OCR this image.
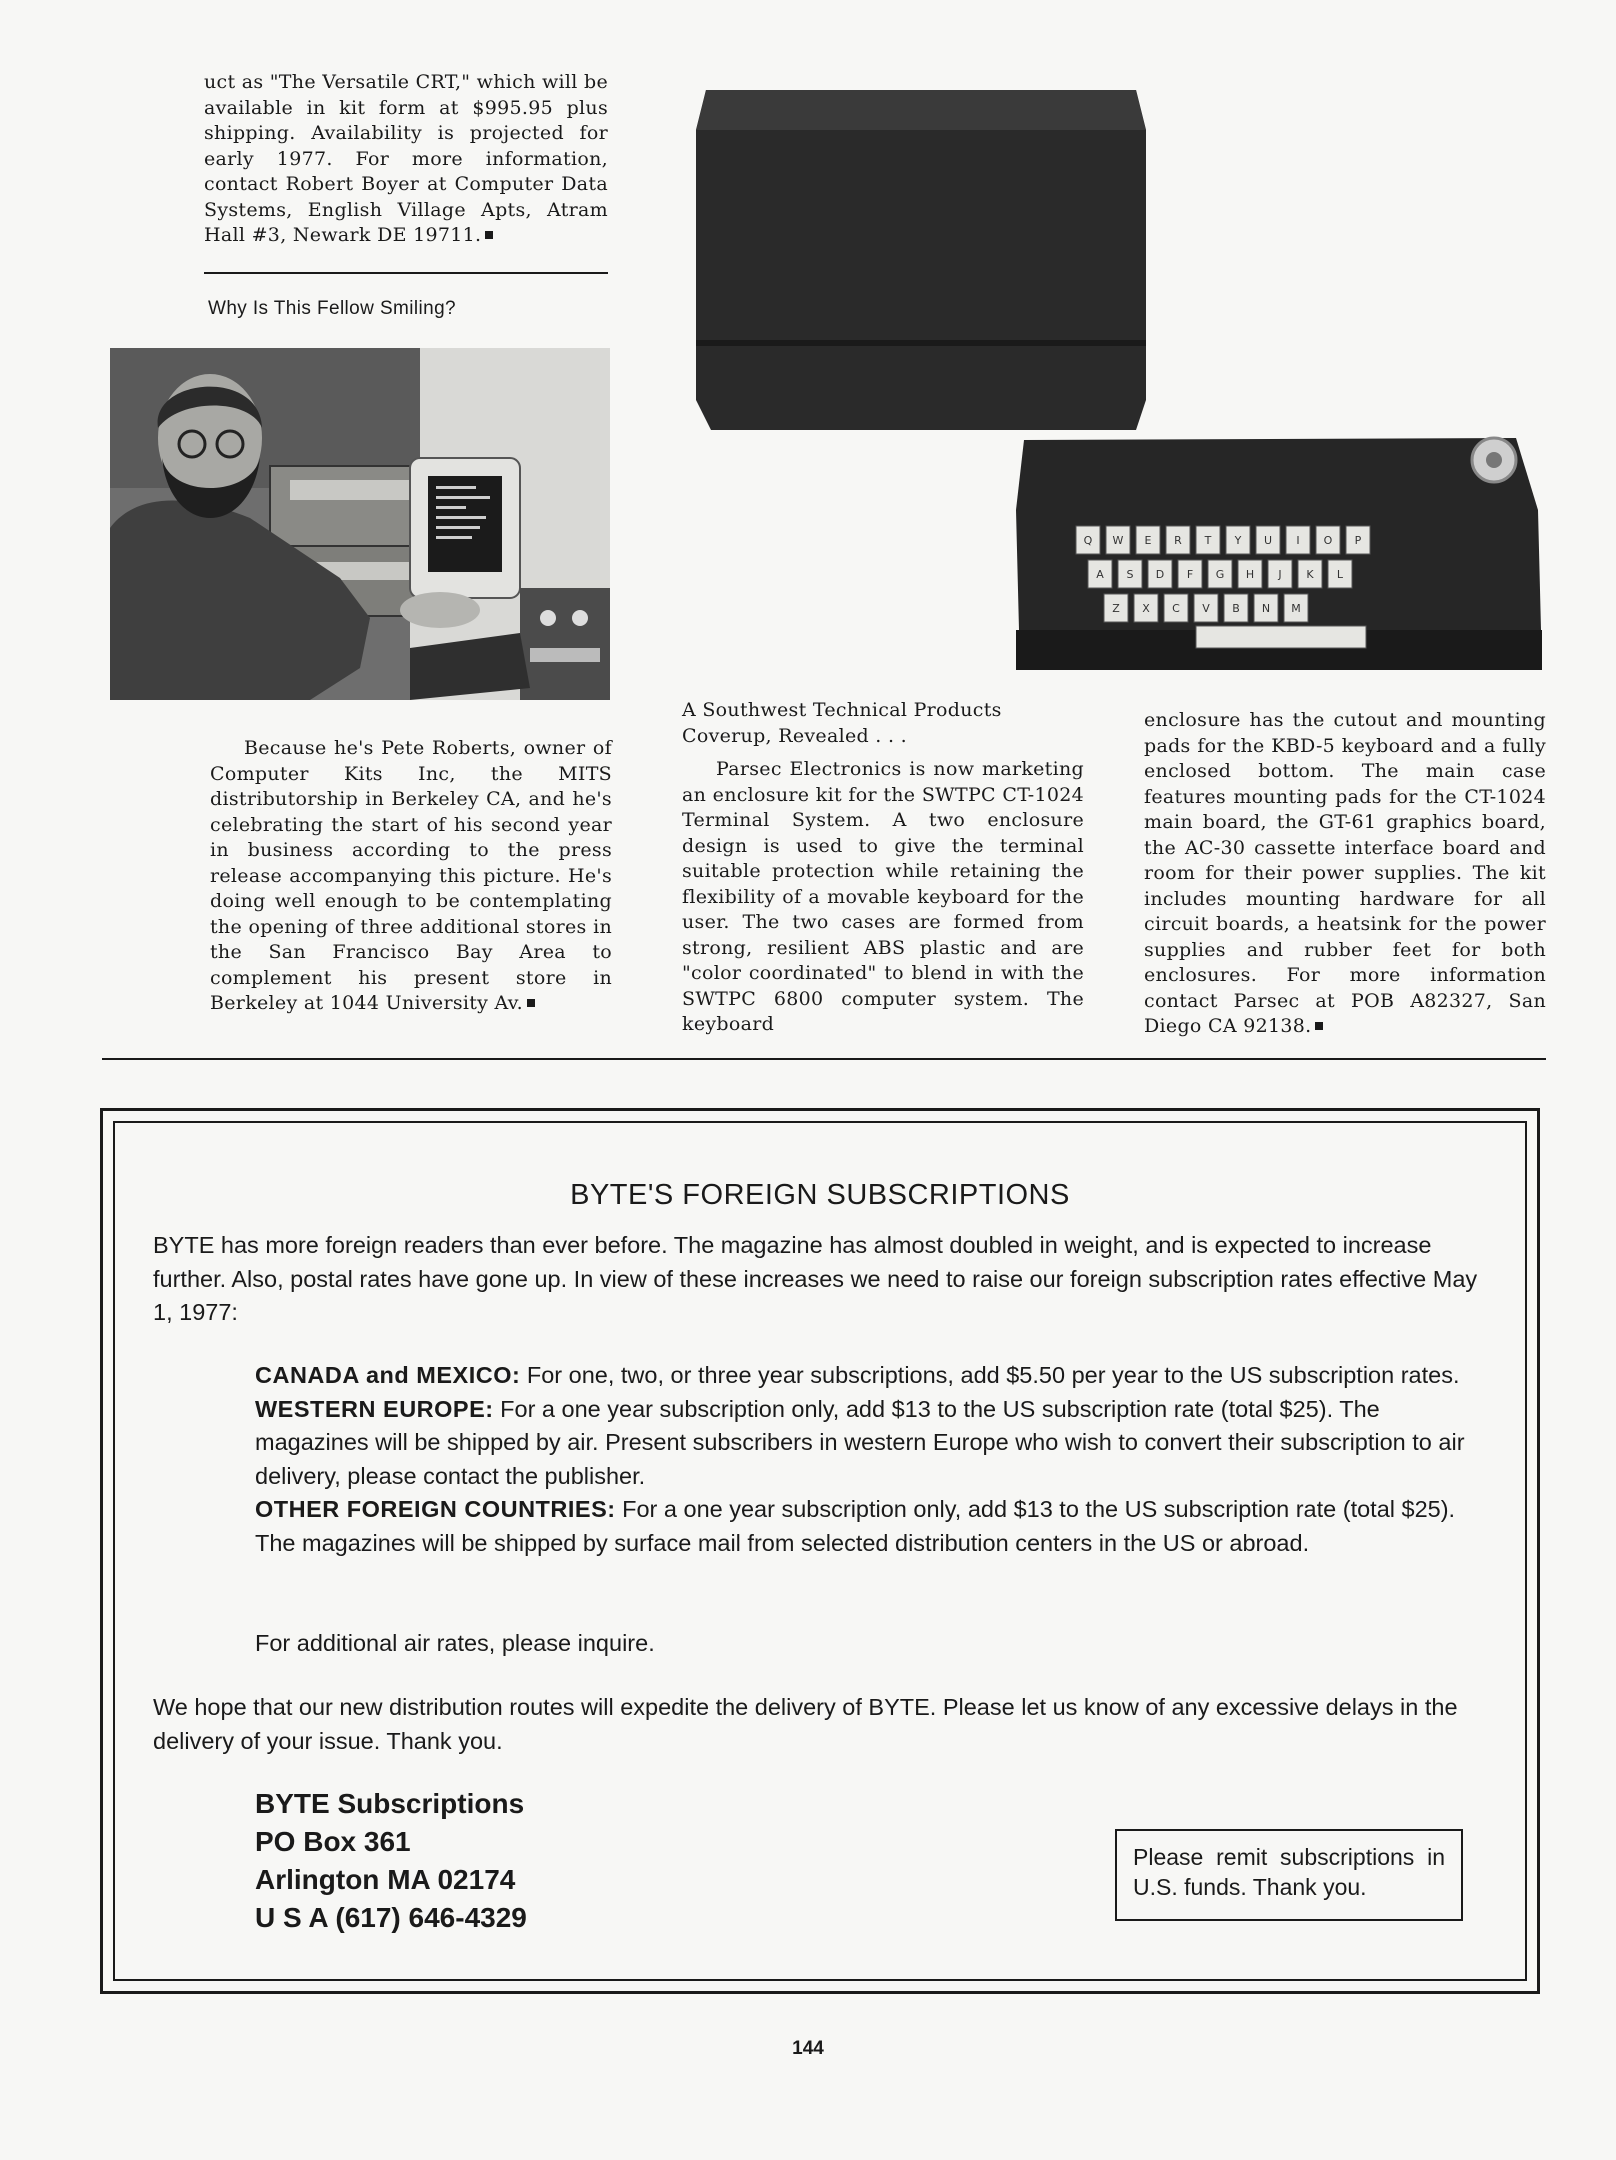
uct as "The Versatile CRT," which will be available in kit form at $995.95 plus shipping. Availability is projected for early 1977. For more information, contact Robert Boyer at Computer Data Systems, English Village Apts, Atram Hall #3, Newark DE 19711.

Why Is This Fellow Smiling?

Because he's Pete Roberts, owner of Computer Kits Inc, the MITS distributorship in Berkeley CA, and he's celebrating the start of his second year in business according to the press release accompanying this picture. He's doing well enough to be contemplating the opening of three additional stores in the San Francisco Bay Area to complement his present store in Berkeley at 1044 University Av.

Q W E R T Y U I O P
A S D F G H J K L
Z X C V B N M

A Southwest Technical Products Coverup, Revealed . . .

Parsec Electronics is now marketing an enclosure kit for the SWTPC CT-1024 Terminal System. A two enclosure design is used to give the terminal suitable protection while retaining the flexibility of a movable keyboard for the user. The two cases are formed from strong, resilient ABS plastic and are "color coordinated" to blend in with the SWTPC 6800 computer system. The keyboard

enclosure has the cutout and mounting pads for the KBD-5 keyboard and a fully enclosed bottom. The main case features mounting pads for the CT-1024 main board, the GT-61 graphics board, the AC-30 cassette interface board and room for their power supplies. The kit includes mounting hardware for all circuit boards, a heatsink for the power supplies and rubber feet for both enclosures. For more information contact Parsec at POB A82327, San Diego CA 92138.

BYTE'S FOREIGN SUBSCRIPTIONS

BYTE has more foreign readers than ever before. The magazine has almost doubled in weight, and is expected to increase further. Also, postal rates have gone up. In view of these increases we need to raise our foreign subscription rates effective May 1, 1977:

CANADA and MEXICO: For one, two, or three year subscriptions, add $5.50 per year to the US subscription rates.

WESTERN EUROPE: For a one year subscription only, add $13 to the US subscription rate (total $25). The magazines will be shipped by air. Present subscribers in western Europe who wish to convert their subscription to air delivery, please contact the publisher.

OTHER FOREIGN COUNTRIES: For a one year subscription only, add $13 to the US subscription rate (total $25). The magazines will be shipped by surface mail from selected distribution centers in the US or abroad.

For additional air rates, please inquire.

We hope that our new distribution routes will expedite the delivery of BYTE. Please let us know of any excessive delays in the delivery of your issue. Thank you.

BYTE Subscriptions
PO Box 361
Arlington MA 02174
U S A (617) 646-4329
Please remit subscriptions in U.S. funds. Thank you.
144
